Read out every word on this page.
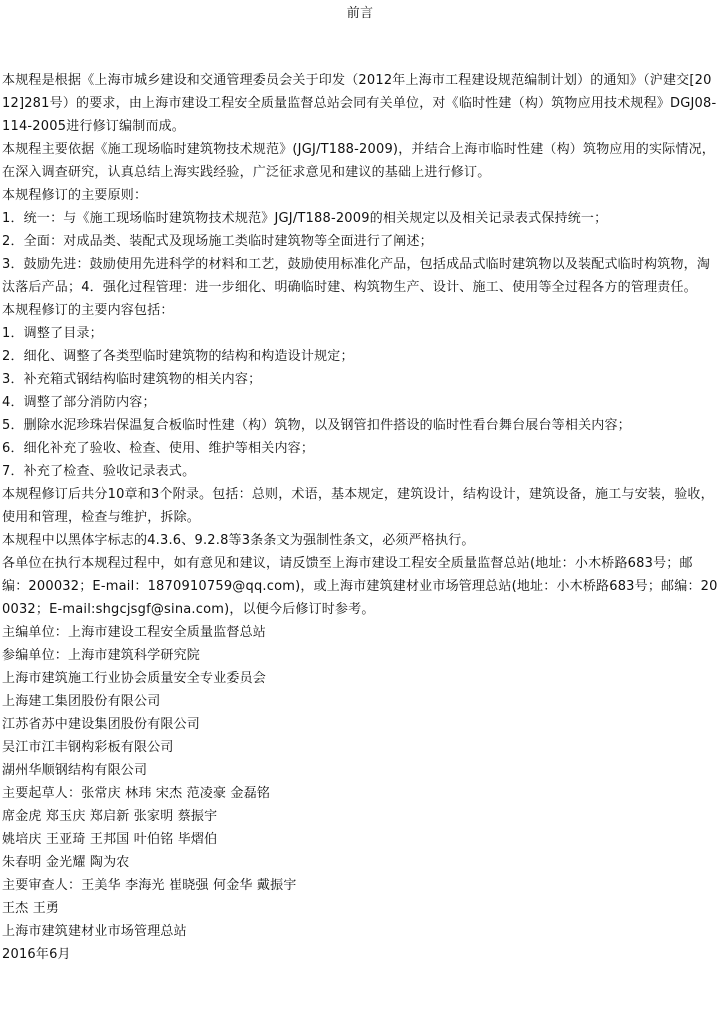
前言

本规程是根据《上海市城乡建设和交通管理委员会关于印发（2012年上海市工程建设规范编制计划）的通知》（沪建交[2012]281号）的要求，由上海市建设工程安全质量监督总站会同有关单位，对《临时性建（构）筑物应用技术规程》DGJ08-114-2005进行修订编制而成。

本规程主要依据《施工现场临时建筑物技术规范》(JGJ/T188-2009)，并结合上海市临时性建（构）筑物应用的实际情况，在深入调查研究，认真总结上海实践经验，广泛征求意见和建议的基础上进行修订。

本规程修订的主要原则：

1．统一：与《施工现场临时建筑物技术规范》JGJ/T188-2009的相关规定以及相关记录表式保持统一；

2．全面：对成品类、装配式及现场施工类临时建筑物等全面进行了阐述；

3．鼓励先进：鼓励使用先进科学的材料和工艺，鼓励使用标准化产品，包括成品式临时建筑物以及装配式临时构筑物，淘汰落后产品；4．强化过程管理：进一步细化、明确临时建、构筑物生产、设计、施工、使用等全过程各方的管理责任。

本规程修订的主要内容包括：

1．调整了目录；

2．细化、调整了各类型临时建筑物的结构和构造设计规定；

3．补充箱式钢结构临时建筑物的相关内容；

4．调整了部分消防内容；

5．删除水泥珍珠岩保温复合板临时性建（构）筑物，以及钢管扣件搭设的临时性看台舞台展台等相关内容；

6．细化补充了验收、检查、使用、维护等相关内容；

7．补充了检查、验收记录表式。

本规程修订后共分10章和3个附录。包括：总则，术语，基本规定，建筑设计，结构设计，建筑设备，施工与安装，验收，使用和管理，检查与维护，拆除。

本规程中以黑体字标志的4.3.6、9.2.8等3条条文为强制性条文，必须严格执行。

各单位在执行本规程过程中，如有意见和建议，请反馈至上海市建设工程安全质量监督总站(地址：小木桥路683号；邮编：200032；E-mail：1870910759@qq.com)，或上海市建筑建材业市场管理总站(地址：小木桥路683号；邮编：200032；E-mail:shgcjsgf@sina.com)，以便今后修订时参考。

主编单位：上海市建设工程安全质量监督总站

参编单位：上海市建筑科学研究院

上海市建筑施工行业协会质量安全专业委员会

上海建工集团股份有限公司

江苏省苏中建设集团股份有限公司

吴江市江丰钢构彩板有限公司

湖州华顺钢结构有限公司

主要起草人：张常庆 林玮 宋杰 范凌豪 金磊铭

席金虎 郑玉庆 郑启新 张家明 蔡振宇

姚培庆 王亚琦 王邦国 叶伯铭 毕熠伯

朱春明 金光耀 陶为农

主要审查人：王美华 李海光 崔晓强 何金华 戴振宇

王杰 王勇

上海市建筑建材业市场管理总站

2016年6月
